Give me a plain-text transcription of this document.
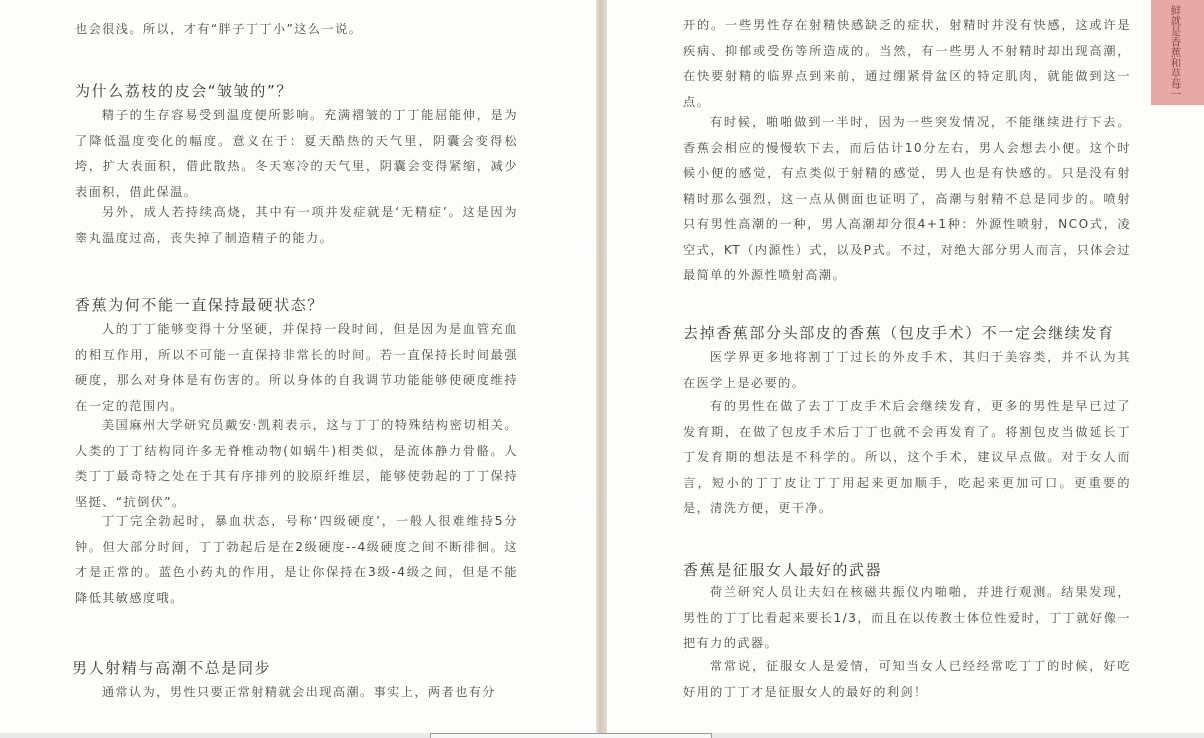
也会很浅。所以，才有“胖子丁丁小”这么一说。

为什么荔枝的皮会“皱皱的”？

精子的生存容易受到温度便所影响。充满褶皱的丁丁能屈能伸，是为了降低温度变化的幅度。意义在于：夏天酷热的天气里，阴囊会变得松垮，扩大表面积，借此散热。冬天寒冷的天气里，阴囊会变得紧缩，减少表面积，借此保温。

另外，成人若持续高烧，其中有一项并发症就是‘无精症’。这是因为睾丸温度过高，丧失掉了制造精子的能力。

香蕉为何不能一直保持最硬状态？

人的丁丁能够变得十分坚硬，并保持一段时间，但是因为是血管充血的相互作用，所以不可能一直保持非常长的时间。若一直保持长时间最强硬度，那么对身体是有伤害的。所以身体的自我调节功能能够使硬度维持在一定的范围内。

美国麻州大学研究员戴安·凯莉表示，这与丁丁的特殊结构密切相关。人类的丁丁结构同许多无脊椎动物(如蜗牛)相类似，是流体静力骨骼。人类丁丁最奇特之处在于其有序排列的胶原纤维层，能够使勃起的丁丁保持坚挺、“抗倒伏”。

丁丁完全勃起时，暴血状态，号称‘四级硬度’，一般人很难维持5分钟。但大部分时间，丁丁勃起后是在2级硬度--4级硬度之间不断徘徊。这才是正常的。蓝色小药丸的作用，是让你保持在3级-4级之间，但是不能降低其敏感度哦。

男人射精与高潮不总是同步

通常认为，男性只要正常射精就会出现高潮。事实上，两者也有分

开的。一些男性存在射精快感缺乏的症状，射精时并没有快感，这或许是疾病、抑郁或受伤等所造成的。当然，有一些男人不射精时却出现高潮，在快要射精的临界点到来前，通过绷紧骨盆区的特定肌肉，就能做到这一点。

有时候，啪啪做到一半时，因为一些突发情况，不能继续进行下去。香蕉会相应的慢慢软下去，而后估计10分左右，男人会想去小便。这个时候小便的感觉，有点类似于射精的感觉，男人也是有快感的。只是没有射精时那么强烈，这一点从侧面也证明了，高潮与射精不总是同步的。喷射只有男性高潮的一种，男人高潮却分很4+1种：外源性喷射，NCO式，凌空式，KT（内源性）式，以及P式。不过，对绝大部分男人而言，只体会过最简单的外源性喷射高潮。

去掉香蕉部分头部皮的香蕉（包皮手术）不一定会继续发育

医学界更多地将割丁丁过长的外皮手术，其归于美容类，并不认为其在医学上是必要的。

有的男性在做了去丁丁皮手术后会继续发育，更多的男性是早已过了发育期，在做了包皮手术后丁丁也就不会再发育了。将割包皮当做延长丁丁发育期的想法是不科学的。所以，这个手术，建议早点做。对于女人而言，短小的丁丁皮让丁丁用起来更加顺手，吃起来更加可口。更重要的是，清洗方便，更干净。

香蕉是征服女人最好的武器

荷兰研究人员让夫妇在核磁共振仪内啪啪，并进行观测。结果发现，男性的丁丁比看起来要长1/3，而且在以传教士体位性爱时，丁丁就好像一把有力的武器。

常常说，征服女人是爱情，可知当女人已经经常吃丁丁的时候，好吃好用的丁丁才是征服女人的最好的利剑！

鲜就是香蕉和草莓一
